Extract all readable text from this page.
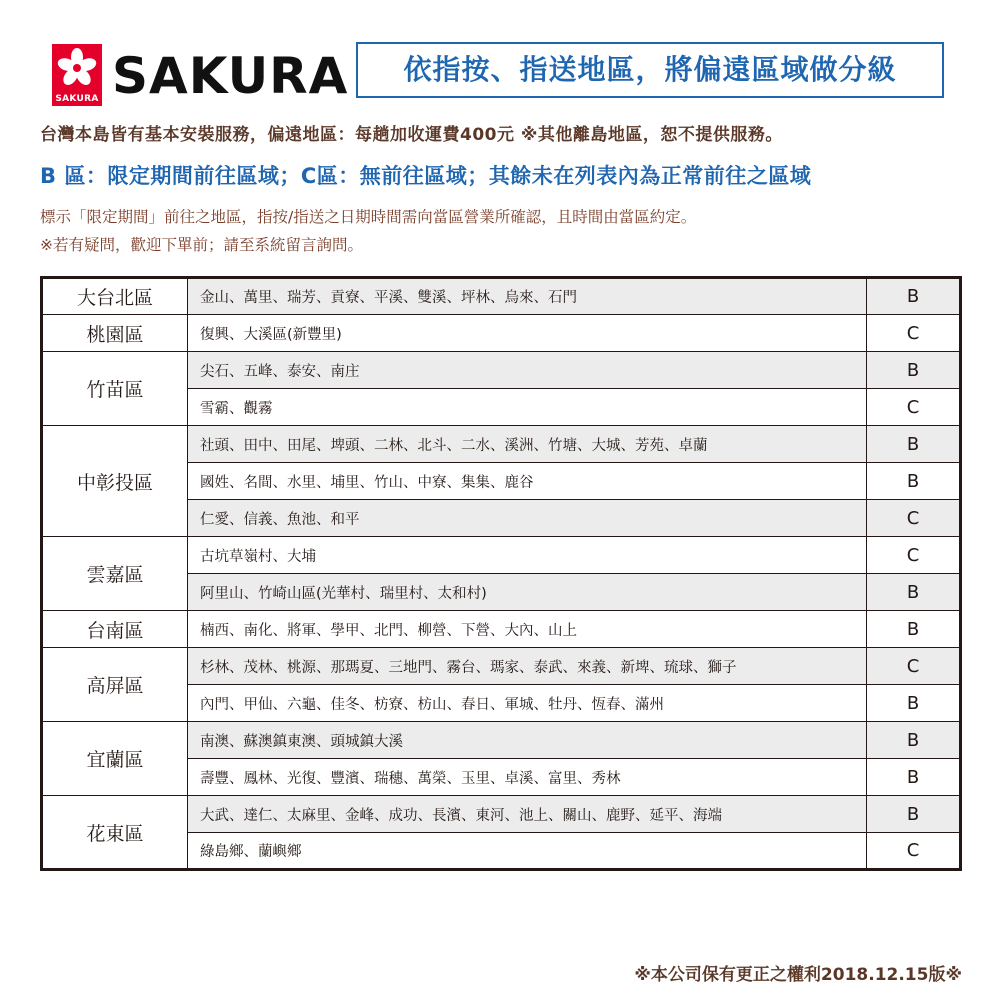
SAKURA SAKURA	依指按、指送地區，將偏遠區域做分級
台灣本島皆有基本安裝服務，偏遠地區：每趟加收運費400元 ※其他離島地區，恕不提供服務。
B 區：限定期間前往區域；C區：無前往區域；其餘未在列表內為正常前往之區域
標示「限定期間」前往之地區，指按/指送之日期時間需向當區營業所確認，且時間由當區約定。
※若有疑問，歡迎下單前；請至系統留言詢問。
大台北區	金山、萬里、瑞芳、貢寮、平溪、雙溪、坪林、烏來、石門	B
桃園區	復興、大溪區(新豐里)	C
竹苗區	尖石、五峰、泰安、南庄	B
	雪霸、觀霧	C
中彰投區	社頭、田中、田尾、埤頭、二林、北斗、二水、溪洲、竹塘、大城、芳苑、卓蘭	B
	國姓、名間、水里、埔里、竹山、中寮、集集、鹿谷	B
	仁愛、信義、魚池、和平	C
雲嘉區	古坑草嶺村、大埔	C
	阿里山、竹崎山區(光華村、瑞里村、太和村)	B
台南區	楠西、南化、將軍、學甲、北門、柳營、下營、大內、山上	B
高屏區	杉林、茂林、桃源、那瑪夏、三地門、霧台、瑪家、泰武、來義、新埤、琉球、獅子	C
	內門、甲仙、六龜、佳冬、枋寮、枋山、春日、軍城、牡丹、恆春、滿州	B
宜蘭區	南澳、蘇澳鎮東澳、頭城鎮大溪	B
	壽豐、鳳林、光復、豐濱、瑞穗、萬榮、玉里、卓溪、富里、秀林	B
花東區	大武、達仁、太麻里、金峰、成功、長濱、東河、池上、關山、鹿野、延平、海端	B
	綠島鄉、蘭嶼鄉	C
※本公司保有更正之權利2018.12.15版※
